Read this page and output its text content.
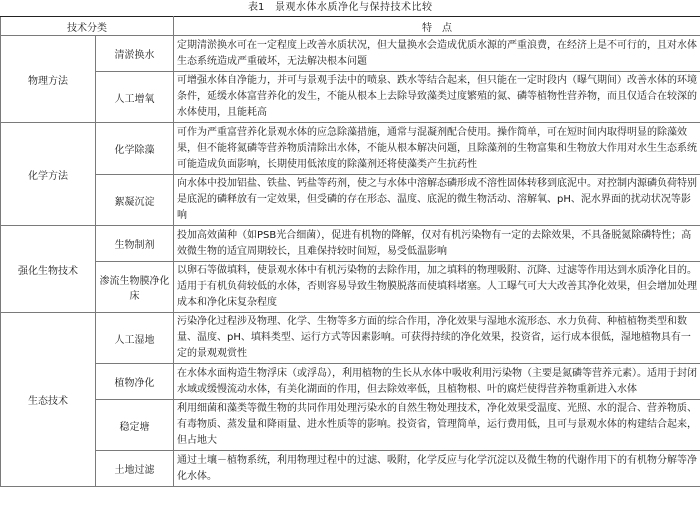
表1 景观水体水质净化与保持技术比较
技术分类		特　点
物理方法	清淤换水	定期清淤换水可在一定程度上改善水质状况，但大量换水会造成优质水源的严重浪费，在经济上是不可行的，且对水体生态系统造成严重破坏，无法解决根本问题
	人工增氧	可增强水体自净能力，并可与景观手法中的喷泉、跌水等结合起来，但只能在一定时段内（曝气期间）改善水体的环境条件，延缓水体富营养化的发生，不能从根本上去除导致藻类过度繁殖的氮、磷等植物性营养物，而且仅适合在较深的水体使用，且能耗高
化学方法	化学除藻	可作为严重富营养化景观水体的应急除藻措施，通常与混凝剂配合使用。操作简单，可在短时间内取得明显的除藻效果，但不能将氮磷等营养物质清除出水体，不能从根本解决问题，且除藻剂的生物富集和生物放大作用对水生生态系统可能造成负面影响，长期使用低浓度的除藻剂还将使藻类产生抗药性
	絮凝沉淀	向水体中投加铝盐、铁盐、钙盐等药剂，使之与水体中溶解态磷形成不溶性固体转移到底泥中。对控制内源磷负荷特别是底泥的磷释放有一定效果，但受磷的存在形态、温度、底泥的微生物活动、溶解氧、pH、泥水界面的扰动状况等影响
强化生物技术	生物制剂	投加高效菌种（如PSB光合细菌），促进有机物的降解，仅对有机污染物有一定的去除效果，不具备脱氮除磷特性；高效微生物的适宜周期较长，且难保持较时间短，易受低温影响
	渗流生物膜净化床	以卵石等做填料，使景观水体中有机污染物的去除作用，加之填料的物理吸附、沉降、过滤等作用达到水质净化目的。适用于有机负荷较低的水体，否则容易导致生物膜脱落而使填料堵塞。人工曝气可大大改善其净化效果，但会增加处理成本和净化床复杂程度
生态技术	人工湿地	污染净化过程涉及物理、化学、生物等多方面的综合作用，净化效果与湿地水流形态、水力负荷、种植植物类型和数量、温度、pH、填料类型、运行方式等因素影响。可获得持续的净化效果，投资省，运行成本很低，湿地植物具有一定的景观观赏性
	植物净化	在水体水面构造生物浮床（或浮岛），利用植物的生长从水体中吸收利用污染物（主要是氮磷等营养元素）。适用于封闭水域或缓慢流动水体，有美化湖面的作用，但去除效率低，且植物根、叶的腐烂使得营养物重新进入水体
	稳定塘	利用细菌和藻类等微生物的共同作用处理污染水的自然生物处理技术，净化效果受温度、光照、水的混合、营养物质、有毒物质、蒸发量和降雨量、进水性质等的影响。投资省，管理简单，运行费用低，且可与景观水体的构建结合起来，但占地大
	土地过滤	通过土壤－植物系统，利用物理过程中的过滤、吸附，化学反应与化学沉淀以及微生物的代谢作用下的有机物分解等净化水体。
